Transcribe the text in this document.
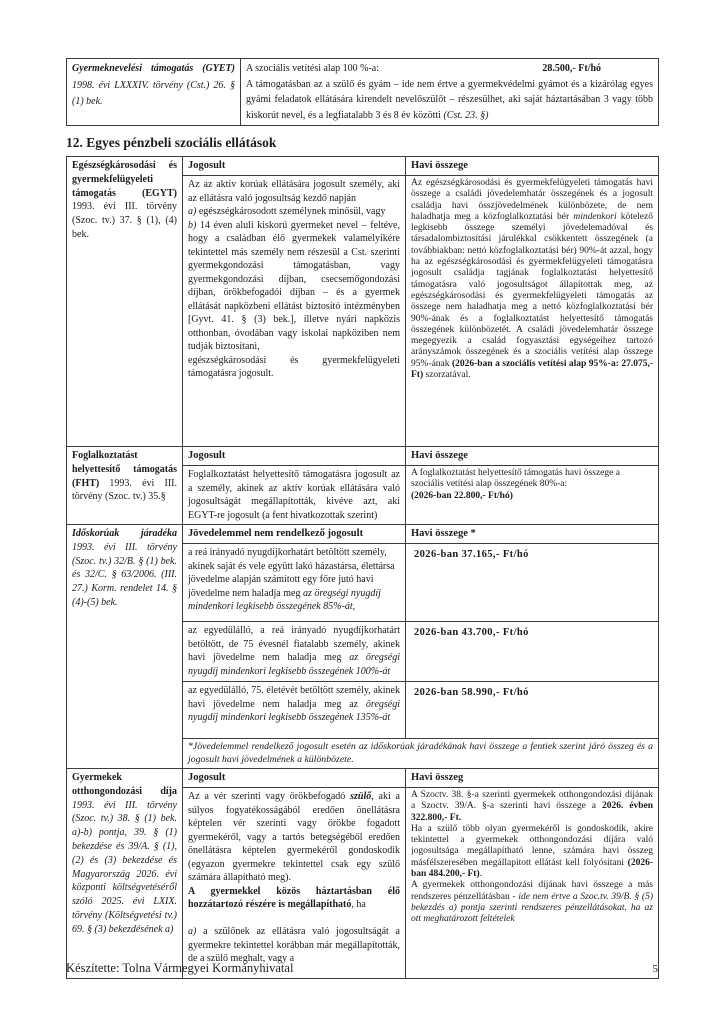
Gyermeknevelési támogatás (GYET) 1998. évi LXXXIV. törvény (Cst.) 26. § (1) bek.

A szociális vetítési alap 100 %-a:	28.500,- Ft/hó
A támogatásban az a szülő és gyám – ide nem értve a gyermekvédelmi gyámot és a kizárólag egyes gyámi feladatok ellátására kirendelt nevelőszülőt – részesülhet, aki saját háztartásában 3 vagy több kiskorút nevel, és a legfiatalabb 3 és 8 év közötti (Cst. 23. §)
12. Egyes pénzbeli szociális ellátások
Egészségkárosodási és gyermekfelügyeleti támogatás (EGYT) 1993. évi III. törvény (Szoc. tv.) 37. § (1), (4) bek.	Jogosult	Havi összege

Az az aktív korúak ellátására jogosult személy, aki az ellátásra való jogosultság kezdő napján
a) egészségkárosodott személynek minősül, vagy
b) 14 éven aluli kiskorú gyermeket nevel – feltéve, hogy a családban élő gyermekek valamelyikére tekintettel más személy nem részesül a Cst. szerinti gyermekgondozási támogatásban, vagy gyermekgondozási díjban, csecsemőgondozási díjban, örökbefogadói díjban – és a gyermek ellátását napközbeni ellátást biztosító intézményben [Gyvt. 41. § (3) bek.], illetve nyári napközis otthonban, óvodában vagy iskolai napköziben nem tudják biztosítani,
egészségkárosodási és gyermekfelügyeleti támogatásra jogosult.

Az egészségkárosodási és gyermekfelügyeleti támogatás havi összege a családi jövedelemhatár összegének és a jogosult családja havi összjövedelmének különbözete, de nem haladhatja meg a közfoglalkoztatási bér mindenkori kötelező legkisebb összege személyi jövedelemadóval és társadalombiztosítási járulékkal csökkentett összegének (a továbbiakban: nettó közfoglalkoztatási bér) 90%-át azzal, hogy ha az egészségkárosodási és gyermekfelügyeleti támogatásra jogosult családja tagjának foglalkoztatást helyettesítő támogatásra való jogosultságot állapítottak meg, az egészségkárosodási és gyermekfelügyeleti támogatás az összege nem haladhatja meg a nettó közfoglalkoztatási bér 90%-ának és a foglalkoztatást helyettesítő támogatás összegének különbözetét. A családi jövedelemhatár összege megegyezik a család fogyasztási egységeihez tartozó arányszámok összegének és a szociális vetítési alap összege 95%-ának (2026-ban a szociális vetítési alap 95%-a: 27.075,- Ft) szorzatával.

Foglalkoztatást helyettesítő támogatás (FHT) 1993. évi III. törvény (Szoc. tv.) 35.§	Jogosult	Havi összege

	Foglalkoztatást helyettesítő támogatásra jogosult az a személy, akinek az aktív korúak ellátására való jogosultságát megállapították, kivéve azt, aki EGYT-re jogosult (a fent hivatkozottak szerint)	A foglalkoztatást helyettesítő támogatás havi összege a szociális vetítési alap összegének 80%-a:
(2026-ban 22.800,- Ft/hó)

Időskorúak járadéka 1993. évi III. törvény (Szoc. tv.) 32/B. § (1) bek. és 32/C. § 63/2006. (III. 27.) Korm. rendelet 14. § (4)-(5) bek.	Jövedelemmel nem rendelkező jogosult	Havi összege *

	a reá irányadó nyugdíjkorhatárt betöltött személy, akinek saját és vele együtt lakó házastársa, élettársa jövedelme alapján számított egy főre jutó havi jövedelme nem haladja meg az öregségi nyugdíj mindenkori legkisebb összegének 85%-át,	2026-ban 37.165,- Ft/hó

	az egyedülálló, a reá irányadó nyugdíjkorhatárt betöltött, de 75 évesnél fiatalabb személy, akinek havi jövedelme nem haladja meg az öregségi nyugdíj mindenkori legkisebb összegének 100%-át	2026-ban 43.700,- Ft/hó

	az egyedülálló, 75. életévét betöltött személy, akinek havi jövedelme nem haladja meg az öregségi nyugdíj mindenkori legkisebb összegének 135%-át	2026-ban 58.990,- Ft/hó

	*Jövedelemmel rendelkező jogosult esetén az időskorúak járadékának havi összege a fentiek szerint járó összeg és a jogosult havi jövedelmének a különbözete.	

Gyermekek otthongondozási díja 1993. évi III. törvény (Szoc. tv.) 38. § (1) bek. a)-b) pontja, 39. § (1) bekezdése és 39/A. § (1), (2) és (3) bekezdése és Magyarország 2026. évi központi költségvetéséről szóló 2025. évi LXIX. törvény (Költségvetési tv.) 69. § (3) bekezdésének a)	Jogosult	Havi összeg

Az a vér szerinti vagy örökbefogadó szülő, aki a súlyos fogyatékosságából eredően önellátásra képtelen vér szerinti vagy örökbe fogadott gyermekéről, vagy a tartós betegségéből eredően önellátásra képtelen gyermekéről gondoskodik (egyazon gyermekre tekintettel csak egy szülő számára állapítható meg).
A gyermekkel közös háztartásban élő hozzátartozó részére is megállapítható, ha

a) a szülőnek az ellátásra való jogosultságát a gyermekre tekintettel korábban már megállapították, de a szülő meghalt, vagy a

A Szoctv. 38. §-a szerinti gyermekek otthongondozási díjának a Szoctv. 39/A. §-a szerinti havi összege a 2026. évben 322.800,- Ft.
Ha a szülő több olyan gyermekéről is gondoskodik, akire tekintettel a gyermekek otthongondozási díjára való jogosultsága megállapítható lenne, számára havi összeg másfélszeresében megállapított ellátást kell folyósítani (2026-ban 484.200,- Ft).
A gyermekek otthongondozási díjának havi összege a más rendszeres pénzellátásban - ide nem értve a Szoc.tv. 39/B. § (5) bekezdés a) pontja szerinti rendszeres pénzellátásokat, ha az ott meghatározott feltételek
Készítette: Tolna Vármegyei Kormányhivatal	5
